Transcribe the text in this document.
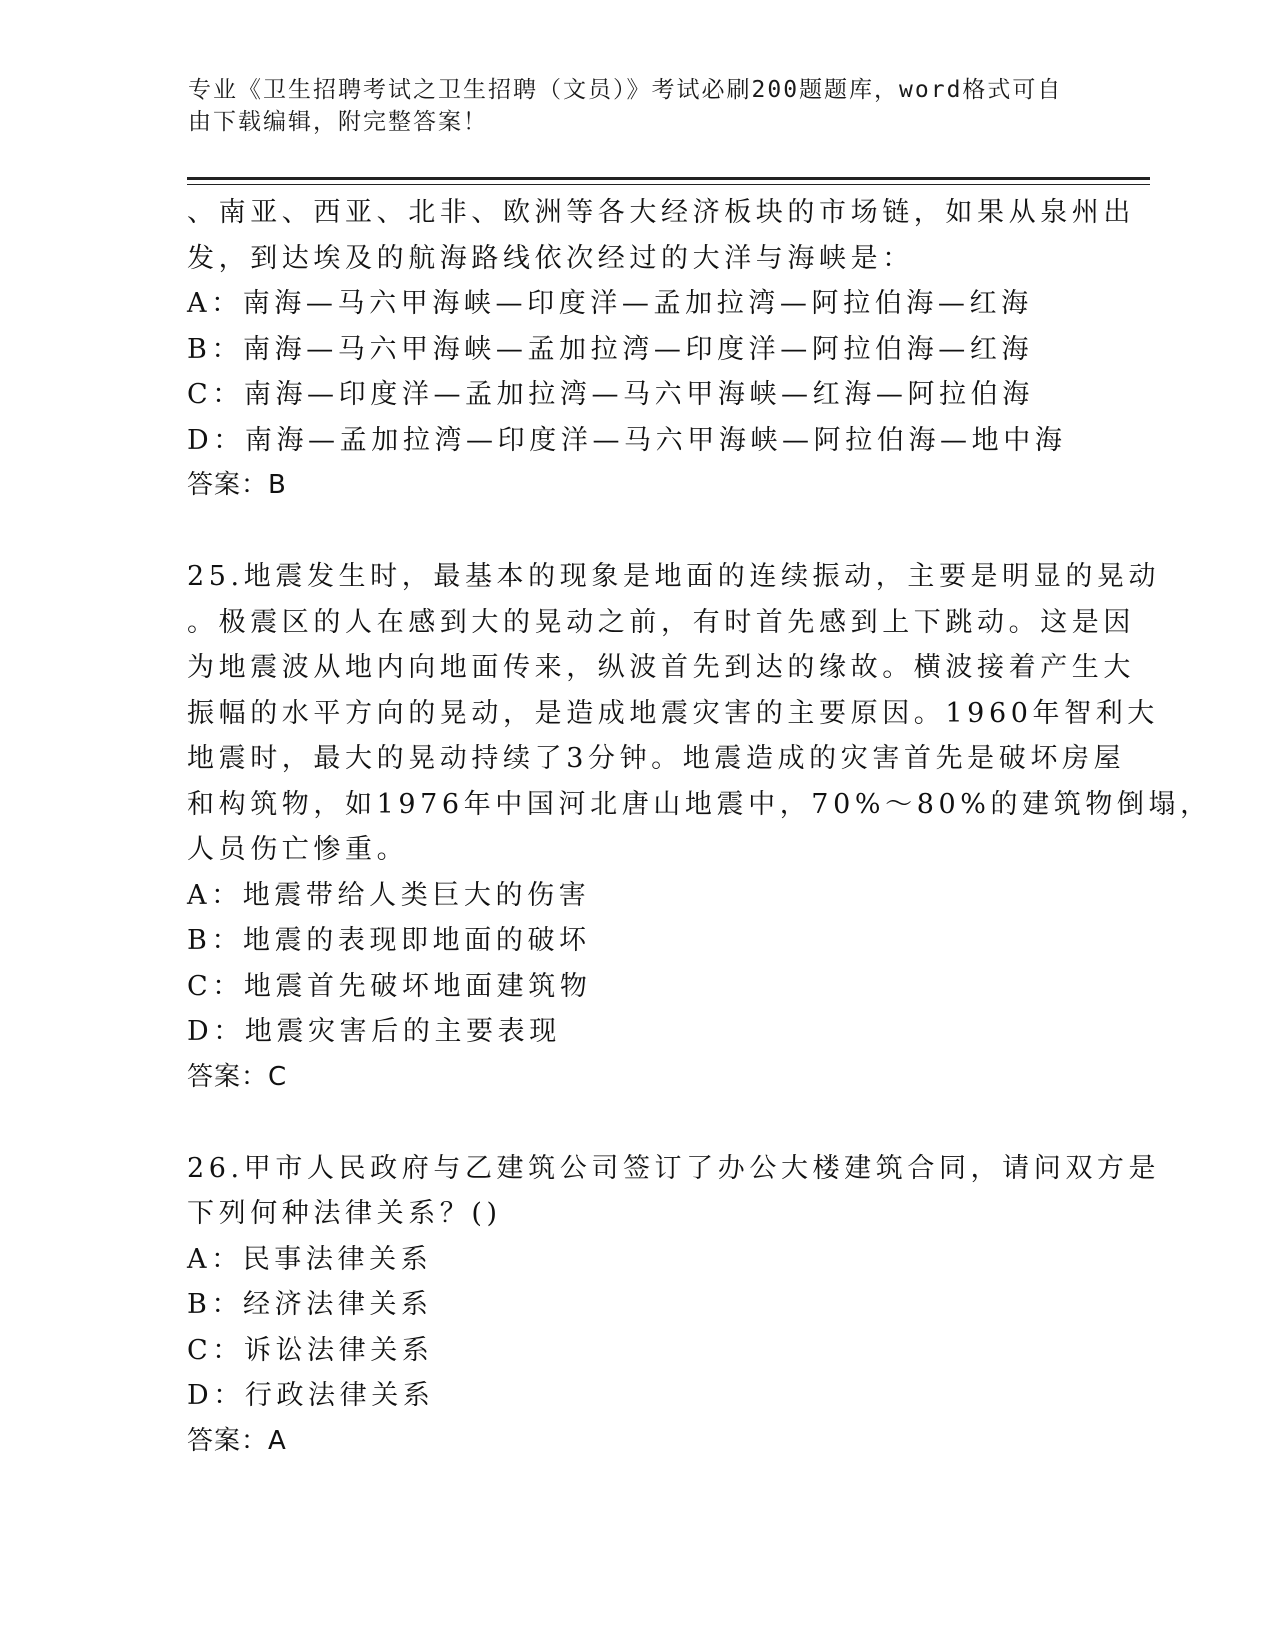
专业《卫生招聘考试之卫生招聘（文员）》考试必刷200题题库，word格式可自
由下载编辑，附完整答案！
、南亚、西亚、北非、欧洲等各大经济板块的市场链，如果从泉州出
发，到达埃及的航海路线依次经过的大洋与海峡是：
A：南海—马六甲海峡—印度洋—孟加拉湾—阿拉伯海—红海
B：南海—马六甲海峡—孟加拉湾—印度洋—阿拉伯海—红海
C：南海—印度洋—孟加拉湾—马六甲海峡—红海—阿拉伯海
D：南海—孟加拉湾—印度洋—马六甲海峡—阿拉伯海—地中海
答案：B
25.地震发生时，最基本的现象是地面的连续振动，主要是明显的晃动
。极震区的人在感到大的晃动之前，有时首先感到上下跳动。这是因
为地震波从地内向地面传来，纵波首先到达的缘故。横波接着产生大
振幅的水平方向的晃动，是造成地震灾害的主要原因。1960年智利大
地震时，最大的晃动持续了3分钟。地震造成的灾害首先是破坏房屋
和构筑物，如1976年中国河北唐山地震中，70%～80%的建筑物倒塌，
人员伤亡惨重。
A：地震带给人类巨大的伤害
B：地震的表现即地面的破坏
C：地震首先破坏地面建筑物
D：地震灾害后的主要表现
答案：C
26.甲市人民政府与乙建筑公司签订了办公大楼建筑合同，请问双方是
下列何种法律关系？()
A：民事法律关系
B：经济法律关系
C：诉讼法律关系
D：行政法律关系
答案：A
